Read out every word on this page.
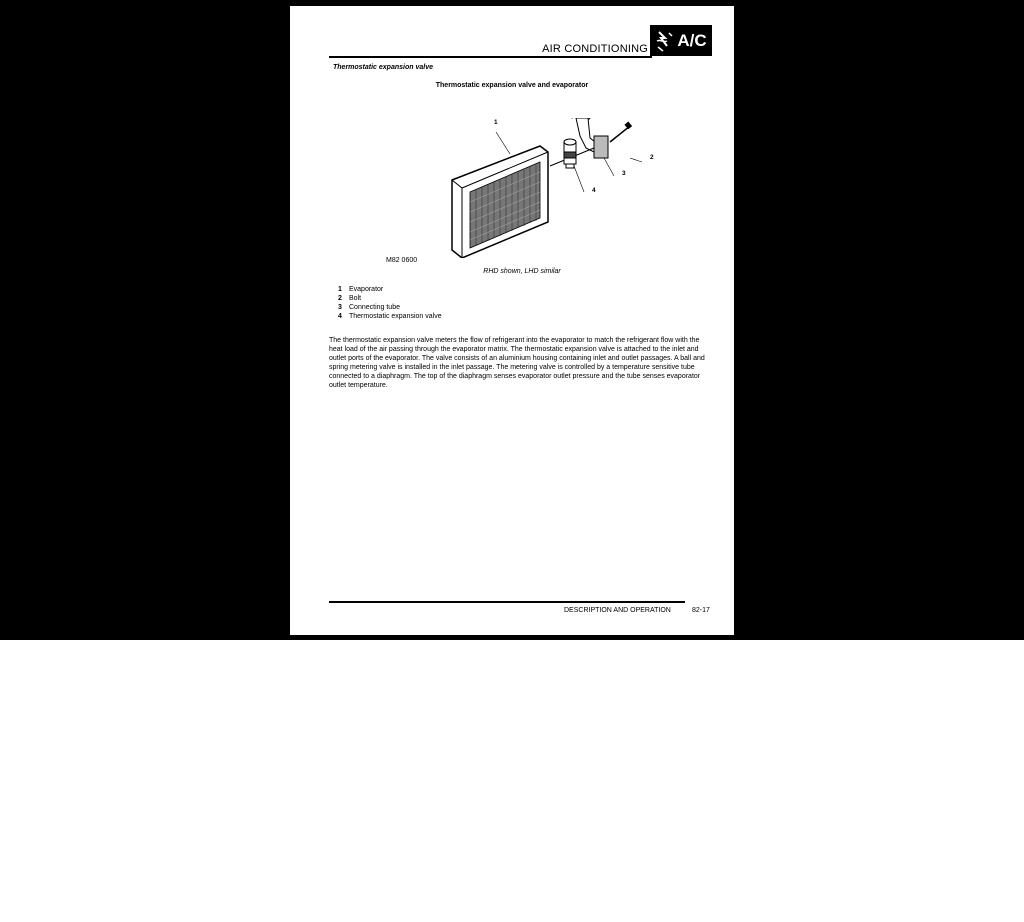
AIR CONDITIONING A/C
Thermostatic expansion valve
Thermostatic expansion valve and evaporator
1
2
3
4
M82 0600
RHD shown, LHD similar
1	Evaporator
2	Bolt
3	Connecting tube
4	Thermostatic expansion valve
The thermostatic expansion valve meters the flow of refrigerant into the evaporator to match the refrigerant flow with the heat load of the air passing through the evaporator matrix. The thermostatic expansion valve is attached to the inlet and outlet ports of the evaporator. The valve consists of an aluminium housing containing inlet and outlet passages. A ball and spring metering valve is installed in the inlet passage. The metering valve is controlled by a temperature sensitive tube connected to a diaphragm. The top of the diaphragm senses evaporator outlet pressure and the tube senses evaporator outlet temperature.
DESCRIPTION AND OPERATION	82-17
